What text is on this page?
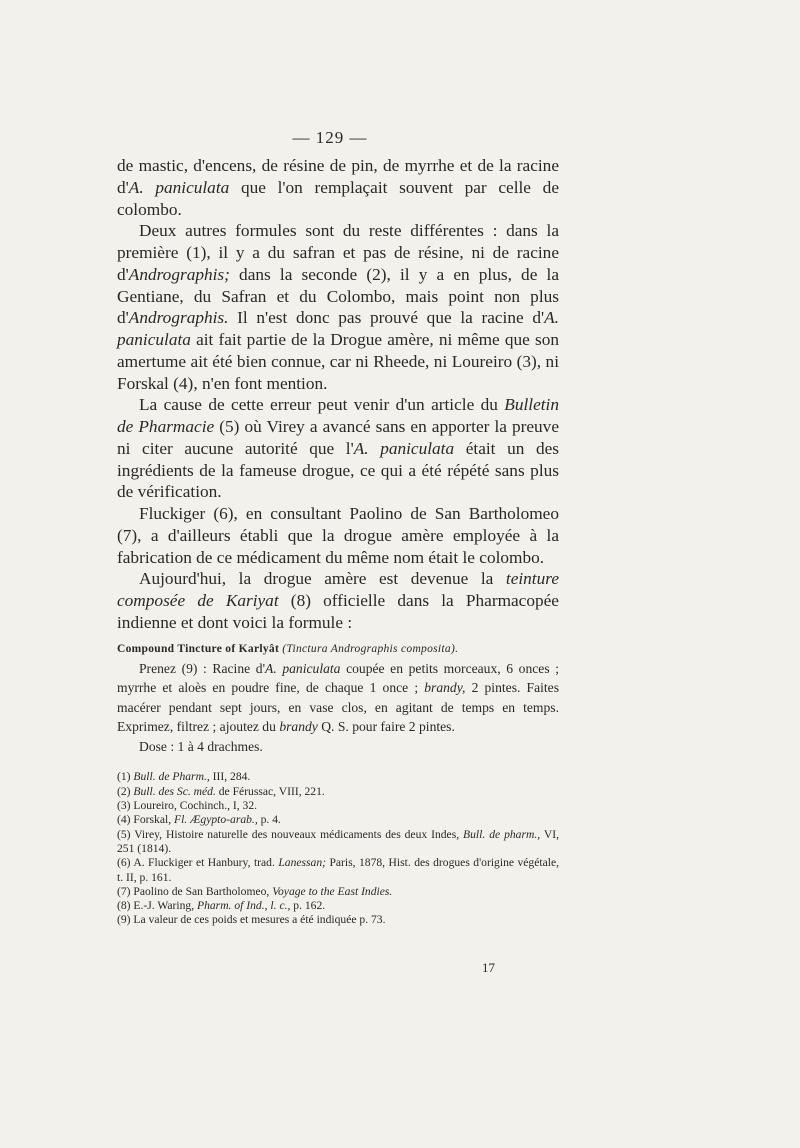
— 129 —

de mastic, d'encens, de résine de pin, de myrrhe et de la racine d'A. paniculata que l'on remplaçait souvent par celle de colombo.

Deux autres formules sont du reste différentes : dans la première (1), il y a du safran et pas de résine, ni de racine d'Andrographis; dans la seconde (2), il y a en plus, de la Gentiane, du Safran et du Colombo, mais point non plus d'Andrographis. Il n'est donc pas prouvé que la racine d'A. paniculata ait fait partie de la Drogue amère, ni même que son amertume ait été bien connue, car ni Rheede, ni Loureiro (3), ni Forskal (4), n'en font mention.

La cause de cette erreur peut venir d'un article du Bulletin de Pharmacie (5) où Virey a avancé sans en apporter la preuve ni citer aucune autorité que l'A. paniculata était un des ingrédients de la fameuse drogue, ce qui a été répété sans plus de vérification.

Fluckiger (6), en consultant Paolino de San Bartholomeo (7), a d'ailleurs établi que la drogue amère employée à la fabrication de ce médicament du même nom était le colombo.

Aujourd'hui, la drogue amère est devenue la teinture composée de Kariyat (8) officielle dans la Pharmacopée indienne et dont voici la formule :

Compound Tincture of Karlyât (Tinctura Andrographis composita).

Prenez (9) : Racine d'A. paniculata coupée en petits morceaux, 6 onces ; myrrhe et aloès en poudre fine, de chaque 1 once ; brandy, 2 pintes. Faites macérer pendant sept jours, en vase clos, en agitant de temps en temps. Exprimez, filtrez ; ajoutez du brandy Q. S. pour faire 2 pintes.

Dose : 1 à 4 drachmes.

(1) Bull. de Pharm., III, 284.

(2) Bull. des Sc. méd. de Férussac, VIII, 221.

(3) Loureiro, Cochinch., I, 32.

(4) Forskal, Fl. Ægypto-arab., p. 4.

(5) Virey, Histoire naturelle des nouveaux médicaments des deux Indes, Bull. de pharm., VI, 251 (1814).

(6) A. Fluckiger et Hanbury, trad. Lanessan; Paris, 1878, Hist. des drogues d'origine végétale, t. II, p. 161.

(7) Paolino de San Bartholomeo, Voyage to the East Indies.

(8) E.-J. Waring, Pharm. of Ind., l. c., p. 162.

(9) La valeur de ces poids et mesures a été indiquée p. 73.

17
